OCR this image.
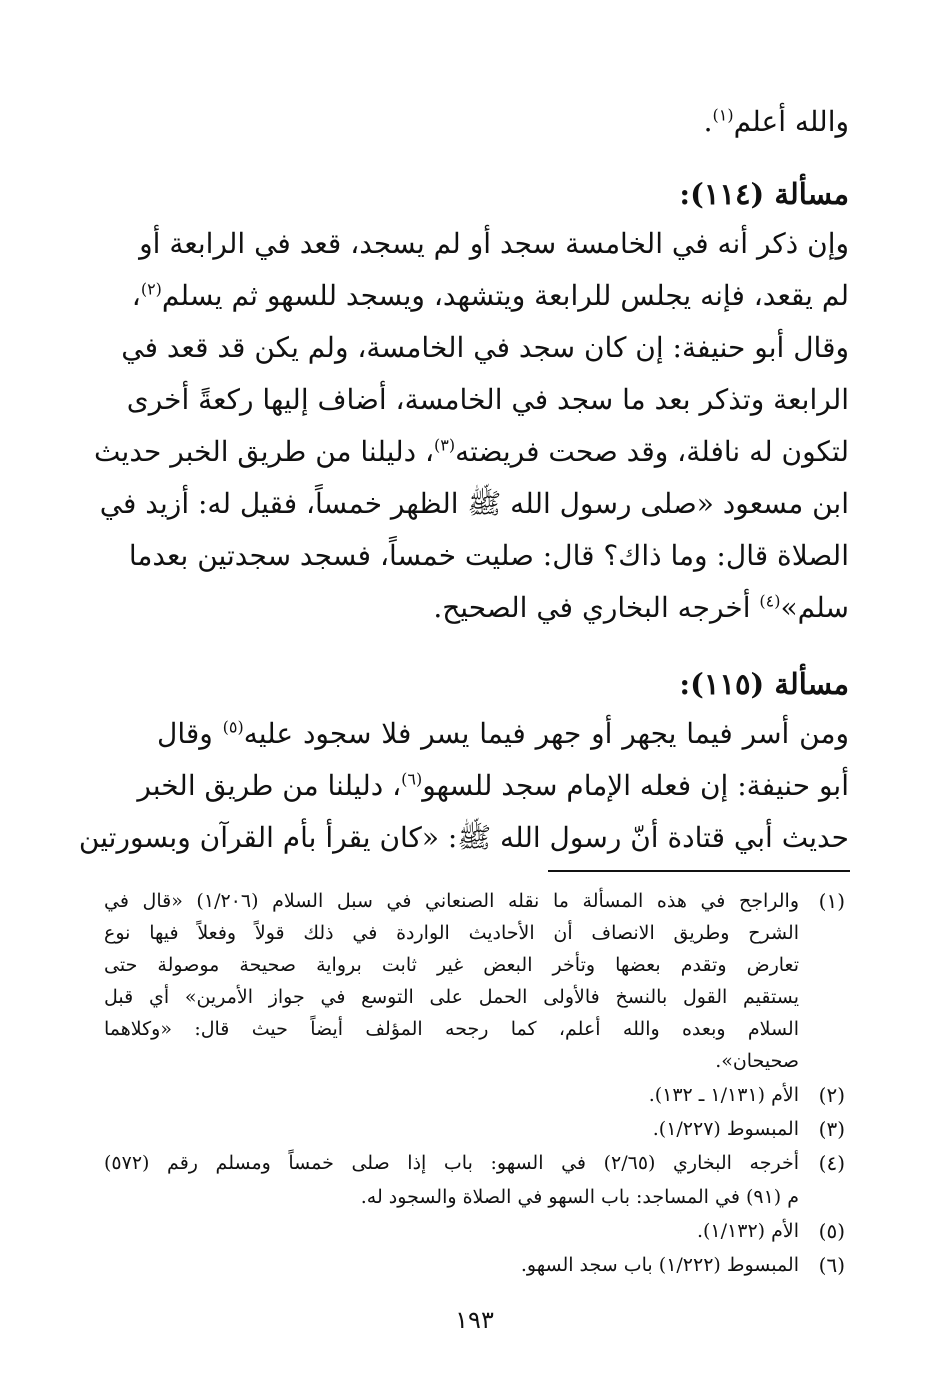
والله أعلم$^{(١)}$.
مسألة (١١٤):
وإن ذكر أنه في الخامسة سجد أو لم يسجد، قعد في الرابعة أو
لم يقعد، فإنه يجلس للرابعة ويتشهد، ويسجد للسهو ثم يسلم$^{(٢)}$،
وقال أبو حنيفة: إن كان سجد في الخامسة، ولم يكن قد قعد في
الرابعة وتذكر بعد ما سجد في الخامسة، أضاف إليها ركعةً أخرى
لتكون له نافلة، وقد صحت فريضته$^{(٣)}$، دليلنا من طريق الخبر حديث
ابن مسعود «صلى رسول الله ﷺ الظهر خمساً، فقيل له: أزيد في
الصلاة قال: وما ذاك؟ قال: صليت خمساً، فسجد سجدتين بعدما
سلم»$^{(٤)}$ أخرجه البخاري في الصحيح.
مسألة (١١٥):
ومن أسر فيما يجهر أو جهر فيما يسر فلا سجود عليه$^{(٥)}$ وقال
أبو حنيفة: إن فعله الإمام سجد للسهو$^{(٦)}$، دليلنا من طريق الخبر
حديث أبي قتادة أنّ رسول الله ﷺ: «كان يقرأ بأم القرآن وبسورتين
(١)
والراجح في هذه المسألة ما نقله الصنعاني في سبل السلام (١/٢٠٦) «قال في
الشرح وطريق الانصاف أن الأحاديث الواردة في ذلك قولاً وفعلاً فيها نوع
تعارض وتقدم بعضها وتأخر البعض غير ثابت برواية صحيحة موصولة حتى
يستقيم القول بالنسخ فالأولى الحمل على التوسع في جواز الأمرين» أي قبل
السلام وبعده والله أعلم، كما رجحه المؤلف أيضاً حيث قال: «وكلاهما
صحيحان».
(٢)
الأم (١/١٣١ ـ ١٣٢).
(٣)
المبسوط (١/٢٢٧).
(٤)
أخرجه البخاري (٢/٦٥) في السهو: باب إذا صلى خمساً ومسلم رقم (٥٧٢)
م (٩١) في المساجد: باب السهو في الصلاة والسجود له.
(٥)
الأم (١/١٣٢).
(٦)
المبسوط (١/٢٢٢) باب سجد السهو.
١٩٣
